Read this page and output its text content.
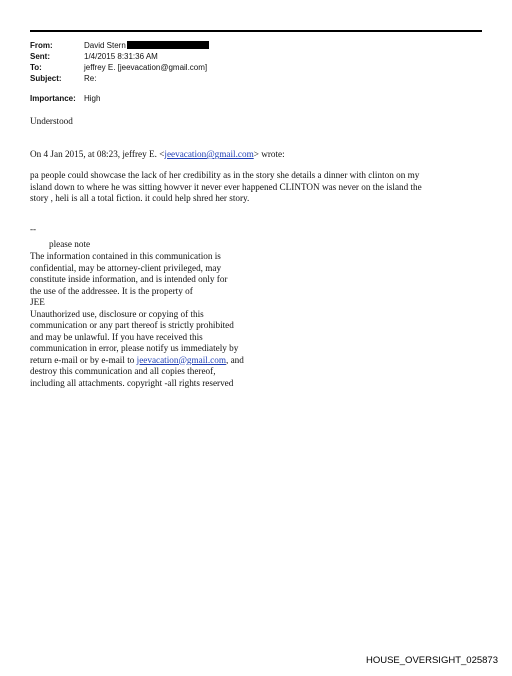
From:	David Stern
Sent:	1/4/2015 8:31:36 AM
To:	jeffrey E. [jeevacation@gmail.com]
Subject:	Re:
Importance: High
Understood
On 4 Jan 2015, at 08:23, jeffrey E. <jeevacation@gmail.com> wrote:
pa people could showcase the lack of her credibility as in the story she details a dinner with clinton on my
island down to where he was sitting howver it never ever happened CLINTON was never on the island the
story , heli is all a total fiction. it could help shred her story.
--
please note
The information contained in this communication is
confidential, may be attorney-client privileged, may
constitute inside information, and is intended only for
the use of the addressee. It is the property of
JEE
Unauthorized use, disclosure or copying of this
communication or any part thereof is strictly prohibited
and may be unlawful. If you have received this
communication in error, please notify us immediately by
return e-mail or by e-mail to jeevacation@gmail.com, and
destroy this communication and all copies thereof,
including all attachments. copyright -all rights reserved
HOUSE_OVERSIGHT_025873
